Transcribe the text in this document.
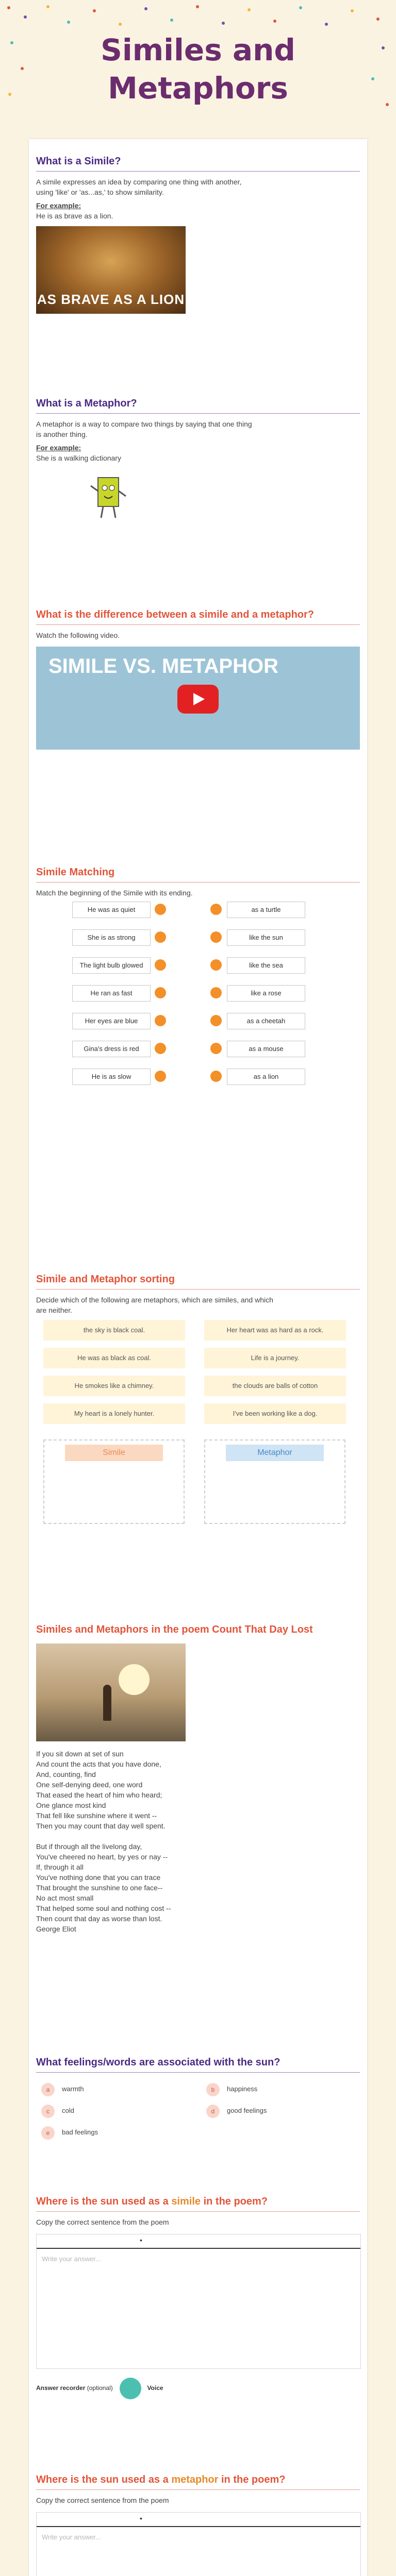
Similes and Metaphors
What is a Simile?

A simile expresses an idea by comparing one thing with another,

using 'like' or 'as...as,' to show similarity.

For example:

He is as brave as a lion.

AS BRAVE AS A LION
What is a Metaphor?

A metaphor is a way to compare two things by saying that one thing

is another thing.

For example:

She is a walking dictionary

What is the difference between a simile and a metaphor?

Watch the following video.

SIMILE VS. METAPHOR
Simile Matching

Match the beginning of the Simile with its ending.

He was as quiet	as a turtle
She is as strong	like the sun
The light bulb glowed	like the sea
He ran as fast	like a rose
Her eyes are blue	as a cheetah
Gina's dress is red	as a mouse
He is as slow	as a lion
Simile and Metaphor sorting

Decide which of the following are metaphors, which are similes, and which

are neither.

the sky is black coal.	Her heart was as hard as a rock.
He was as black as coal.	Life is a journey.
He smokes like a chimney.	the clouds are balls of cotton
My heart is a lonely hunter.	I've been working like a dog.
Simile	Metaphor
Similes and Metaphors in the poem Count That Day Lost

If you sit down at set of sun

And count the acts that you have done,

And, counting, find

One self-denying deed, one word

That eased the heart of him who heard;

One glance most kind

That fell like sunshine where it went --

Then you may count that day well spent.

But if through all the livelong day,

You've cheered no heart, by yes or nay --

If, through it all

You've nothing done that you can trace

That brought the sunshine to one face--

No act most small

That helped some soul and nothing cost --

Then count that day as worse than lost.

George Eliot

What feelings/words are associated with the sun?
a warmth	b happiness
c cold	d good feelings
e bad feelings
Where is the sun used as a simile in the poem?

Copy the correct sentence from the poem

•
Write your answer...
Answer recorder (optional)	Voice
Where is the sun used as a metaphor in the poem?

Copy the correct sentence from the poem

•
Write your answer...
